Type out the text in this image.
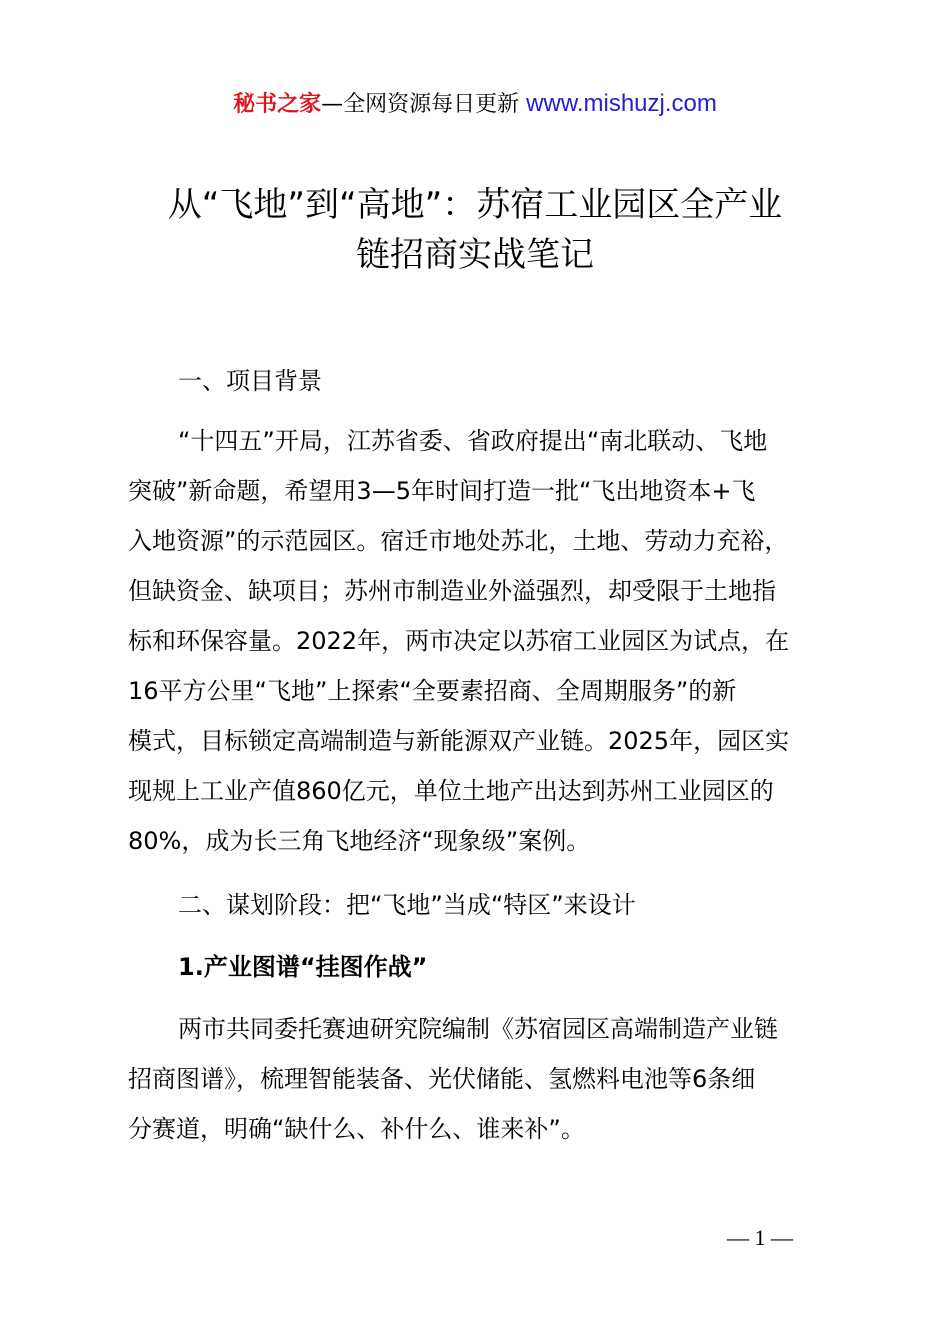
秘书之家—全网资源每日更新 www.mishuzj.com
从“飞地”到“高地”：苏宿工业园区全产业
链招商实战笔记
一、项目背景
“十四五”开局，江苏省委、省政府提出“南北联动、飞地
突破”新命题，希望用3—5年时间打造一批“飞出地资本+飞
入地资源”的示范园区。宿迁市地处苏北，土地、劳动力充裕，
但缺资金、缺项目；苏州市制造业外溢强烈，却受限于土地指
标和环保容量。2022年，两市决定以苏宿工业园区为试点，在
16平方公里“飞地”上探索“全要素招商、全周期服务”的新
模式，目标锁定高端制造与新能源双产业链。2025年，园区实
现规上工业产值860亿元，单位土地产出达到苏州工业园区的
80%，成为长三角飞地经济“现象级”案例。
二、谋划阶段：把“飞地”当成“特区”来设计
1.产业图谱“挂图作战”
两市共同委托赛迪研究院编制《苏宿园区高端制造产业链
招商图谱》，梳理智能装备、光伏储能、氢燃料电池等6条细
分赛道，明确“缺什么、补什么、谁来补”。
— 1 —
